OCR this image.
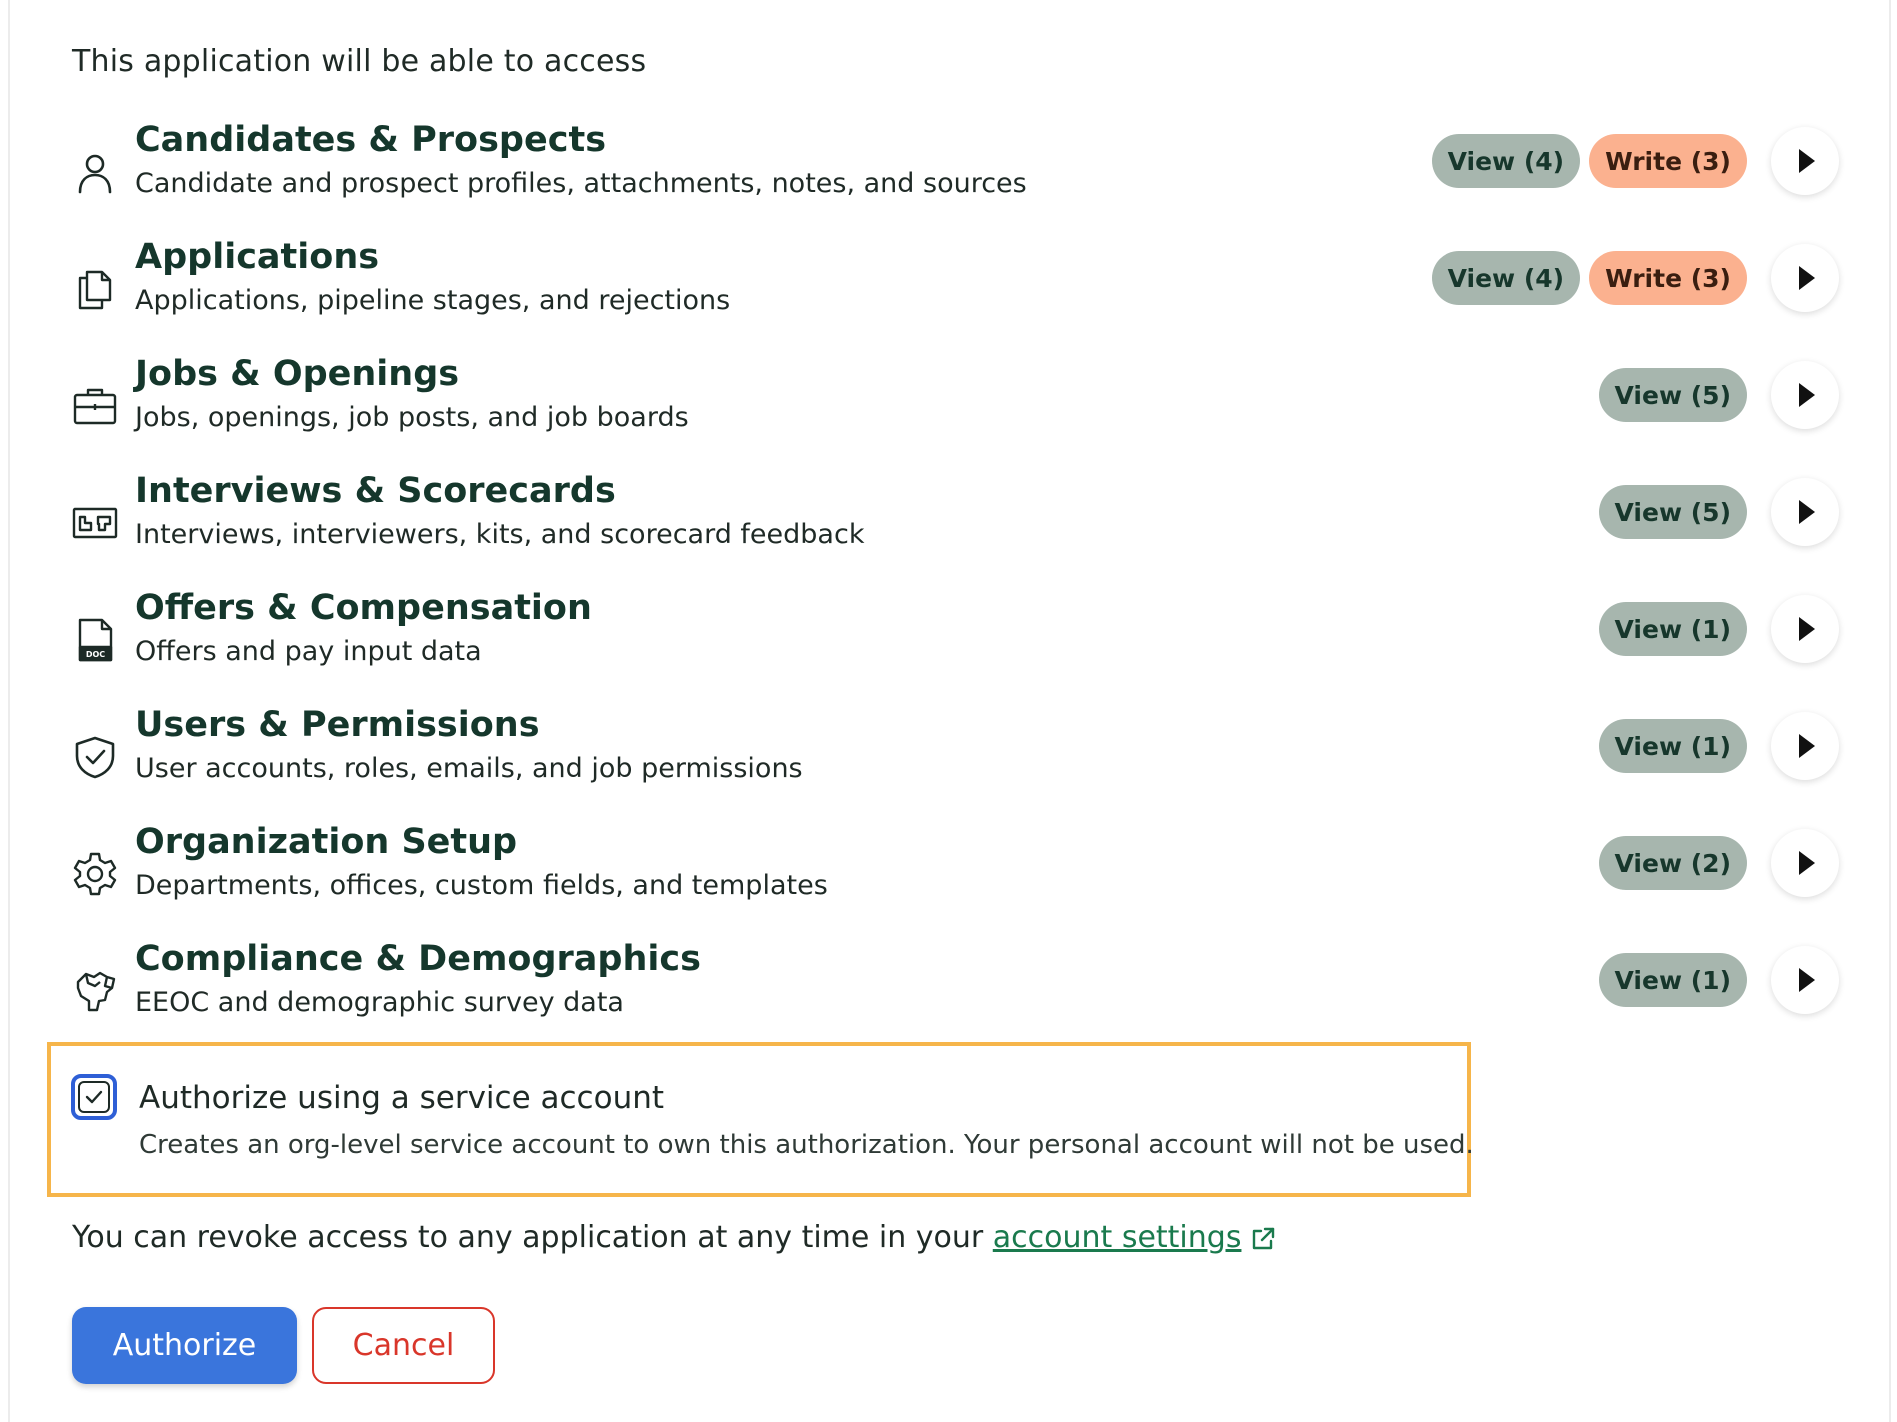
This application will be able to access
Candidates & Prospects
Candidate and prospect profiles, attachments, notes, and sources
View (4)	Write (3)
Applications
Applications, pipeline stages, and rejections
View (4)	Write (3)
Jobs & Openings
Jobs, openings, job posts, and job boards
View (5)
Interviews & Scorecards
Interviews, interviewers, kits, and scorecard feedback
View (5)
DOC
Offers & Compensation
Offers and pay input data
View (1)
Users & Permissions
User accounts, roles, emails, and job permissions
View (1)
Organization Setup
Departments, offices, custom fields, and templates
View (2)
Compliance & Demographics
EEOC and demographic survey data
View (1)
Authorize using a service account
Creates an org-level service account to own this authorization. Your personal account will not be used.
You can revoke access to any application at any time in your account settings
Authorize	Cancel
